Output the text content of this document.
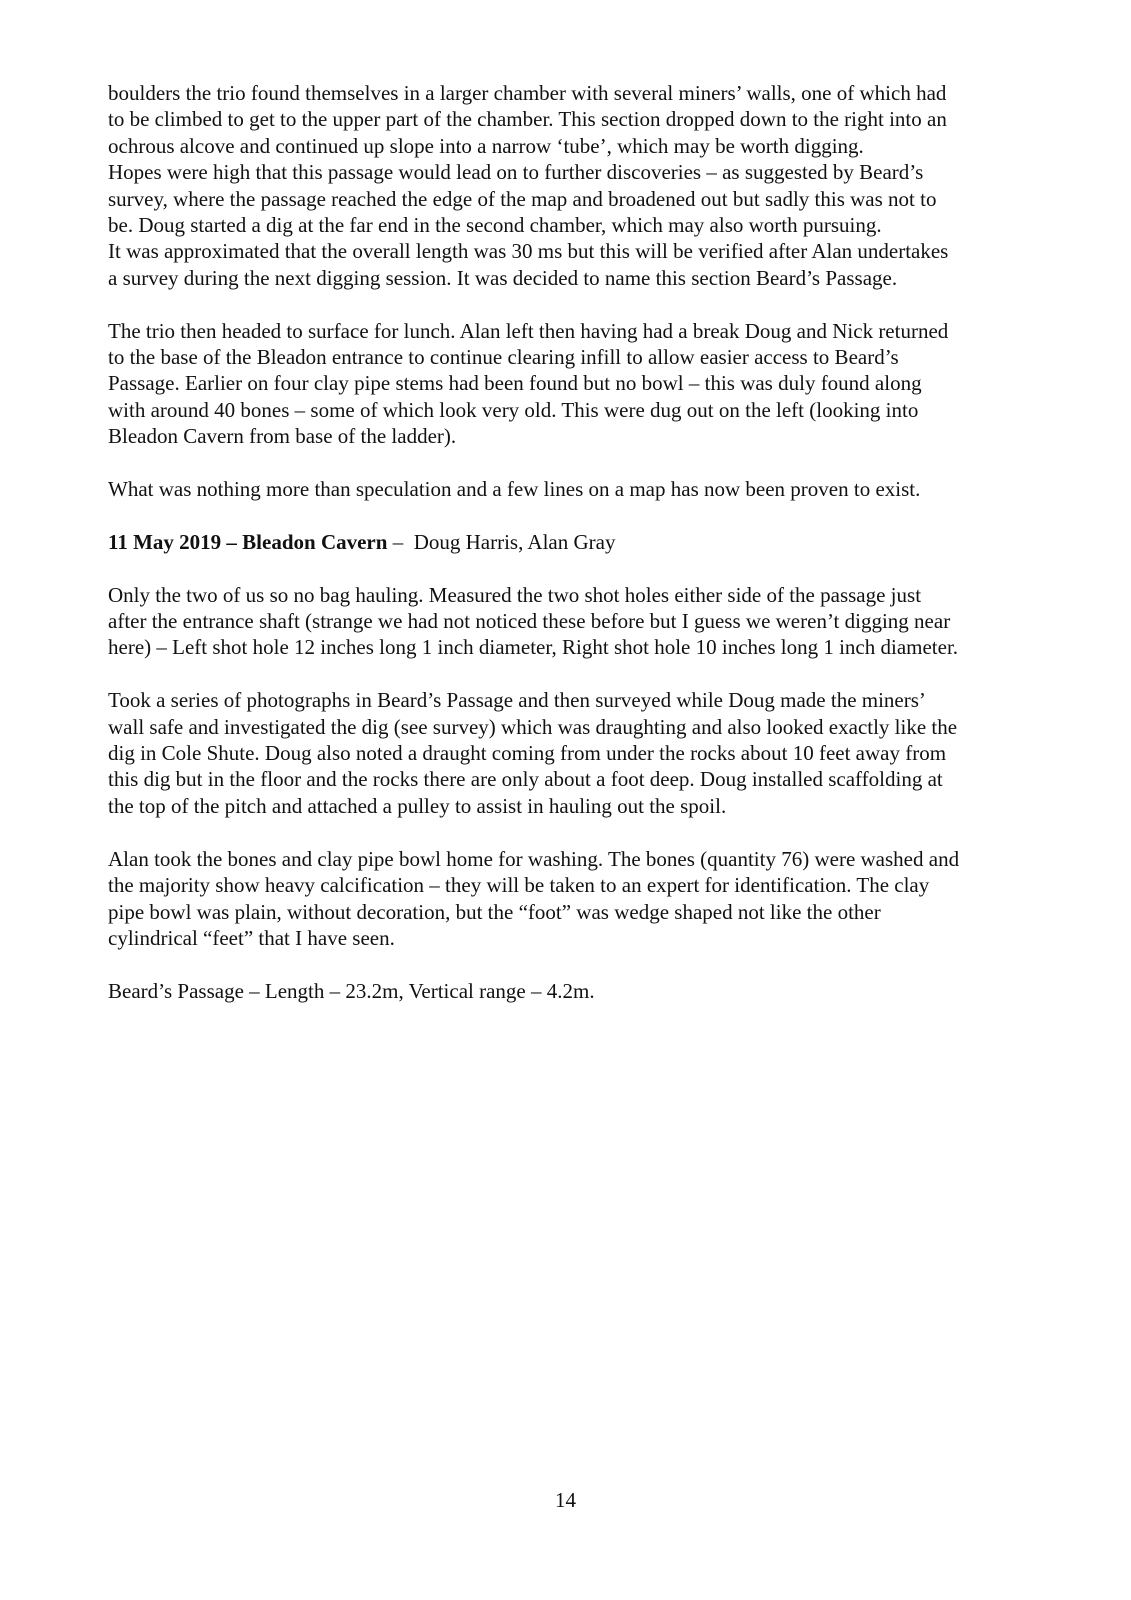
boulders the trio found themselves in a larger chamber with several miners’ walls, one of which had
to be climbed to get to the upper part of the chamber. This section dropped down to the right into an
ochrous alcove and continued up slope into a narrow ‘tube’, which may be worth digging.
Hopes were high that this passage would lead on to further discoveries – as suggested by Beard’s
survey, where the passage reached the edge of the map and broadened out but sadly this was not to
be. Doug started a dig at the far end in the second chamber, which may also worth pursuing.
It was approximated that the overall length was 30 ms but this will be verified after Alan undertakes
a survey during the next digging session. It was decided to name this section Beard’s Passage.

The trio then headed to surface for lunch. Alan left then having had a break Doug and Nick returned
to the base of the Bleadon entrance to continue clearing infill to allow easier access to Beard’s
Passage. Earlier on four clay pipe stems had been found but no bowl – this was duly found along
with around 40 bones – some of which look very old. This were dug out on the left (looking into
Bleadon Cavern from base of the ladder).

What was nothing more than speculation and a few lines on a map has now been proven to exist.

11 May 2019 – Bleadon Cavern –  Doug Harris, Alan Gray

Only the two of us so no bag hauling. Measured the two shot holes either side of the passage just
after the entrance shaft (strange we had not noticed these before but I guess we weren’t digging near
here) – Left shot hole 12 inches long 1 inch diameter, Right shot hole 10 inches long 1 inch diameter.

Took a series of photographs in Beard’s Passage and then surveyed while Doug made the miners’
wall safe and investigated the dig (see survey) which was draughting and also looked exactly like the
dig in Cole Shute. Doug also noted a draught coming from under the rocks about 10 feet away from
this dig but in the floor and the rocks there are only about a foot deep. Doug installed scaffolding at
the top of the pitch and attached a pulley to assist in hauling out the spoil.

Alan took the bones and clay pipe bowl home for washing. The bones (quantity 76) were washed and
the majority show heavy calcification – they will be taken to an expert for identification. The clay
pipe bowl was plain, without decoration, but the “foot” was wedge shaped not like the other
cylindrical “feet” that I have seen.

Beard’s Passage – Length – 23.2m, Vertical range – 4.2m.

14
